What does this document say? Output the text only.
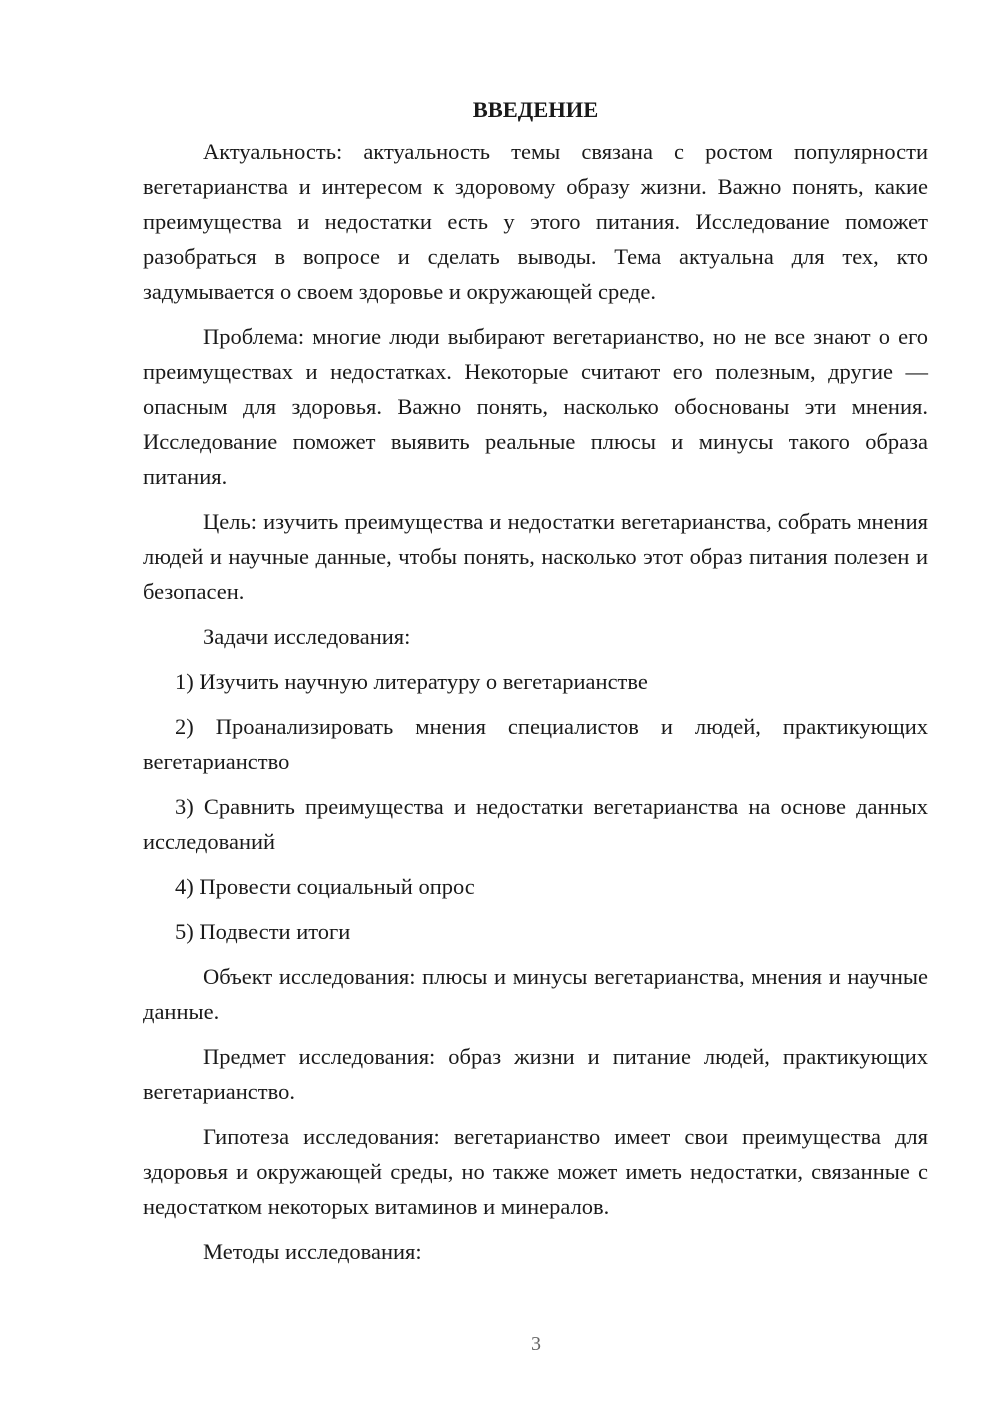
ВВЕДЕНИЕ

Актуальность: актуальность темы связана с ростом популярности вегетарианства и интересом к здоровому образу жизни. Важно понять, какие преимущества и недостатки есть у этого питания. Исследование поможет разобраться в вопросе и сделать выводы. Тема актуальна для тех, кто задумывается о своем здоровье и окружающей среде.

Проблема: многие люди выбирают вегетарианство, но не все знают о его преимуществах и недостатках. Некоторые считают его полезным, другие — опасным для здоровья. Важно понять, насколько обоснованы эти мнения. Исследование поможет выявить реальные плюсы и минусы такого образа питания.

Цель: изучить преимущества и недостатки вегетарианства, собрать мнения людей и научные данные, чтобы понять, насколько этот образ питания полезен и безопасен.

Задачи исследования:

1) Изучить научную литературу о вегетарианстве

2) Проанализировать мнения специалистов и людей, практикующих вегетарианство

3) Сравнить преимущества и недостатки вегетарианства на основе данных исследований

4) Провести социальный опрос

5) Подвести итоги

Объект исследования: плюсы и минусы вегетарианства, мнения и научные данные.

Предмет исследования: образ жизни и питание людей, практикующих вегетарианство.

Гипотеза исследования: вегетарианство имеет свои преимущества для здоровья и окружающей среды, но также может иметь недостатки, связанные с недостатком некоторых витаминов и минералов.

Методы исследования:

3
